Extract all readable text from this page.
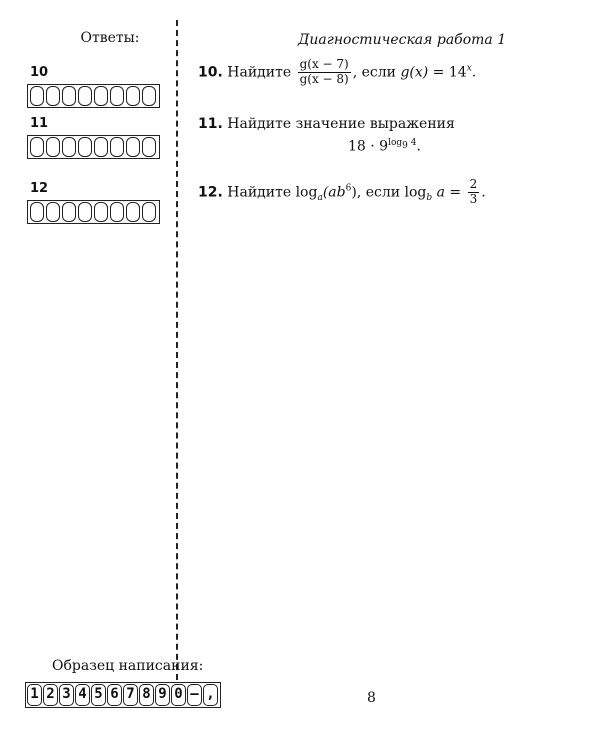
Ответы:
10
11
12
Диагностическая работа 1
10. Найдите $\frac{g(x - 7)}{g(x - 8)}$ , если $g(x) = 14^x$.
11. Найдите значение выражения
$18 \cdot 9^{log_9 4}$.
12. Найдите $\log_a(ab^6)$, если $\log_b a = \frac{2}{3}$ .
Образец написания:
1 2 3 4 5 6 7 8 9 0 – ,	8
